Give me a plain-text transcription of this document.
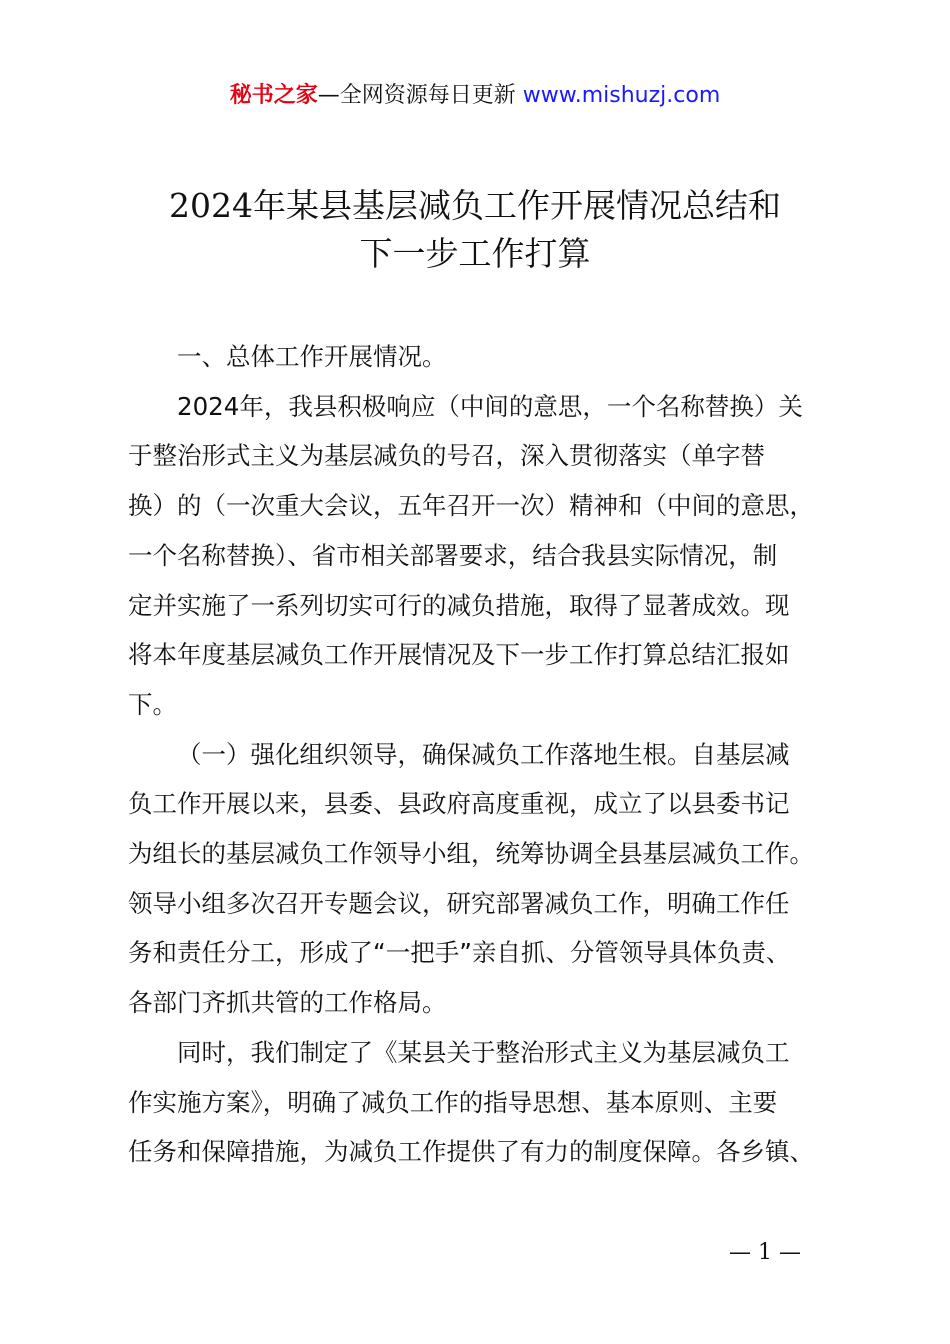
秘书之家—全网资源每日更新 www.mishuzj.com
2024年某县基层减负工作开展情况总结和
下一步工作打算

一、总体工作开展情况。

2024年，我县积极响应（中间的意思，一个名称替换）关

于整治形式主义为基层减负的号召，深入贯彻落实（单字替

换）的（一次重大会议，五年召开一次）精神和（中间的意思，

一个名称替换）、省市相关部署要求，结合我县实际情况，制

定并实施了一系列切实可行的减负措施，取得了显著成效。现

将本年度基层减负工作开展情况及下一步工作打算总结汇报如

下。

（一）强化组织领导，确保减负工作落地生根。自基层减

负工作开展以来，县委、县政府高度重视，成立了以县委书记

为组长的基层减负工作领导小组，统筹协调全县基层减负工作。

领导小组多次召开专题会议，研究部署减负工作，明确工作任

务和责任分工，形成了“一把手”亲自抓、分管领导具体负责、

各部门齐抓共管的工作格局。

同时，我们制定了《某县关于整治形式主义为基层减负工

作实施方案》，明确了减负工作的指导思想、基本原则、主要

任务和保障措施，为减负工作提供了有力的制度保障。各乡镇、

— 1 —
